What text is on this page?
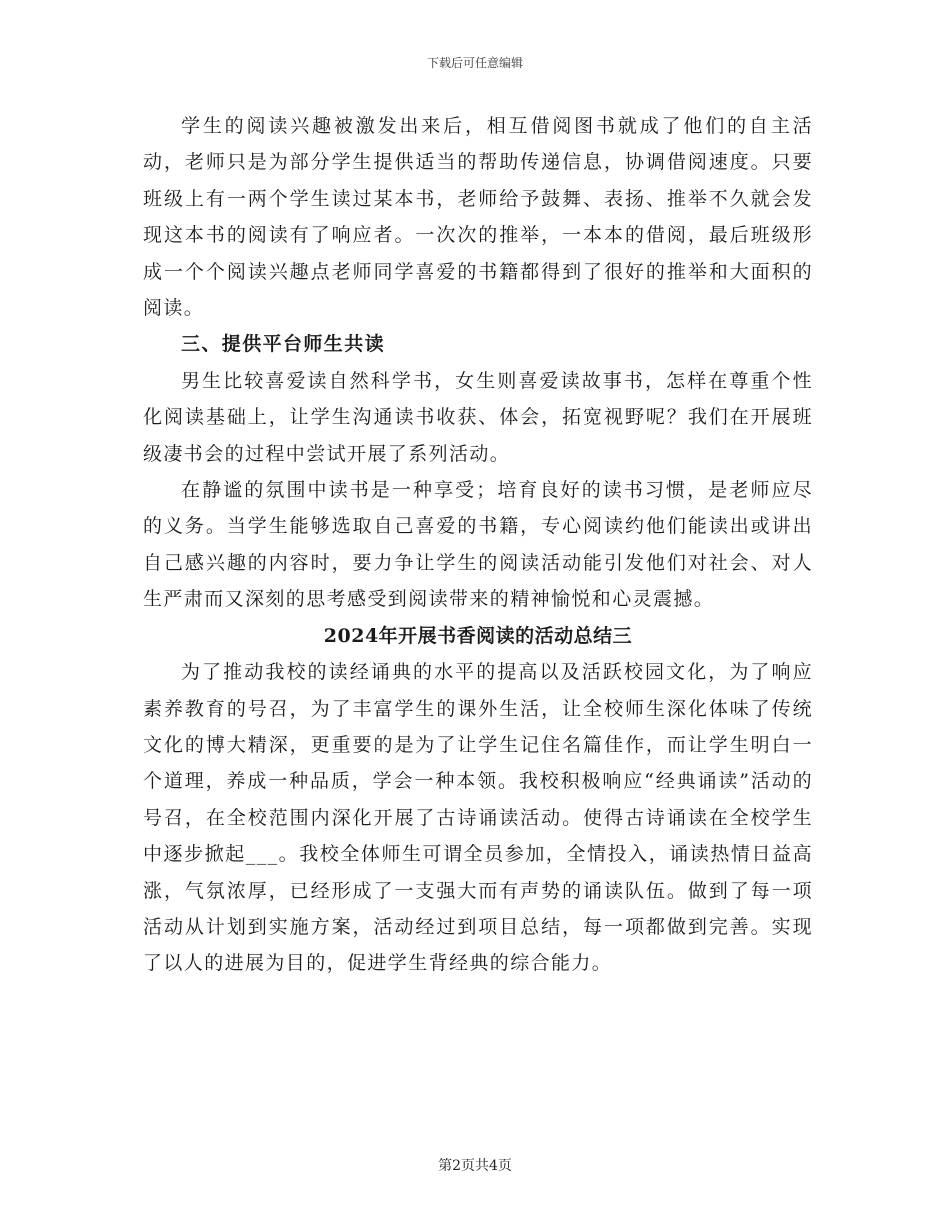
下载后可任意编辑

学生的阅读兴趣被激发出来后，相互借阅图书就成了他们的自主活动，老师只是为部分学生提供适当的帮助传递信息，协调借阅速度。只要班级上有一两个学生读过某本书，老师给予鼓舞、表扬、推举不久就会发现这本书的阅读有了响应者。一次次的推举，一本本的借阅，最后班级形成一个个阅读兴趣点老师同学喜爱的书籍都得到了很好的推举和大面积的阅读。

三、提供平台师生共读

男生比较喜爱读自然科学书，女生则喜爱读故事书，怎样在尊重个性化阅读基础上，让学生沟通读书收获、体会，拓宽视野呢？我们在开展班级凄书会的过程中尝试开展了系列活动。

在静谧的氛围中读书是一种享受；培育良好的读书习惯，是老师应尽的义务。当学生能够选取自己喜爱的书籍，专心阅读约他们能读出或讲出自己感兴趣的内容时，要力争让学生的阅读活动能引发他们对社会、对人生严肃而又深刻的思考感受到阅读带来的精神愉悦和心灵震撼。

2024年开展书香阅读的活动总结三

为了推动我校的读经诵典的水平的提高以及活跃校园文化，为了响应素养教育的号召，为了丰富学生的课外生活，让全校师生深化体味了传统文化的博大精深，更重要的是为了让学生记住名篇佳作，而让学生明白一个道理，养成一种品质，学会一种本领。我校积极响应“经典诵读”活动的号召，在全校范围内深化开展了古诗诵读活动。使得古诗诵读在全校学生中逐步掀起___。我校全体师生可谓全员参加，全情投入，诵读热情日益高涨，气氛浓厚，已经形成了一支强大而有声势的诵读队伍。做到了每一项活动从计划到实施方案，活动经过到项目总结，每一项都做到完善。实现了以人的进展为目的，促进学生背经典的综合能力。

第2页共4页
